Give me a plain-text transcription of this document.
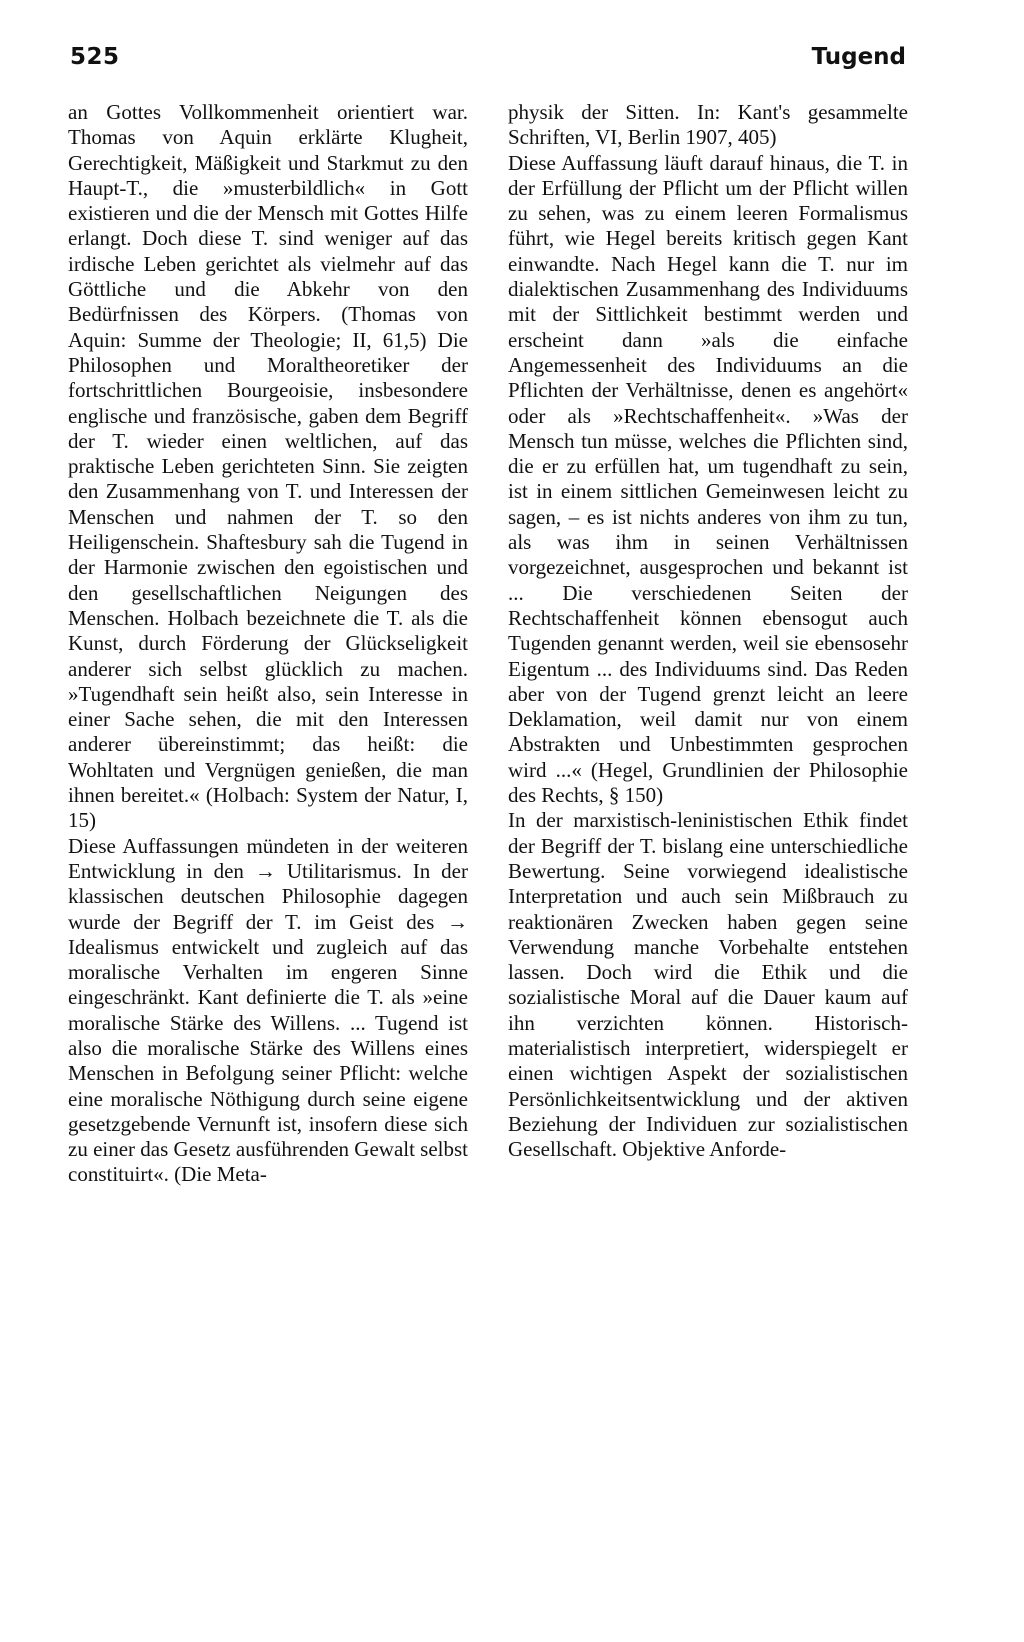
525	Tugend

an Gottes Vollkommenheit orientiert war. Thomas von Aquin erklärte Klugheit, Gerechtigkeit, Mäßigkeit und Starkmut zu den Haupt-T., die »musterbildlich« in Gott existieren und die der Mensch mit Gottes Hilfe erlangt. Doch diese T. sind weniger auf das irdische Leben gerichtet als vielmehr auf das Göttliche und die Abkehr von den Bedürfnissen des Körpers. (Thomas von Aquin: Summe der Theologie; II, 61,5) Die Philosophen und Moraltheoretiker der fortschrittlichen Bourgeoisie, insbesondere englische und französische, gaben dem Begriff der T. wieder einen weltlichen, auf das praktische Leben gerichteten Sinn. Sie zeigten den Zusammenhang von T. und Interessen der Menschen und nahmen der T. so den Heiligenschein. Shaftesbury sah die Tugend in der Harmonie zwischen den egoistischen und den gesellschaftlichen Neigungen des Menschen. Holbach bezeichnete die T. als die Kunst, durch Förderung der Glückseligkeit anderer sich selbst glücklich zu machen. »Tugendhaft sein heißt also, sein Interesse in einer Sache sehen, die mit den Interessen anderer übereinstimmt; das heißt: die Wohltaten und Vergnügen genießen, die man ihnen bereitet.« (Holbach: System der Natur, I, 15)

Diese Auffassungen mündeten in der weiteren Entwicklung in den → Utilitarismus. In der klassischen deutschen Philosophie dagegen wurde der Begriff der T. im Geist des → Idealismus entwickelt und zugleich auf das moralische Verhalten im engeren Sinne eingeschränkt. Kant definierte die T. als »eine moralische Stärke des Willens. ... Tugend ist also die moralische Stärke des Willens eines Menschen in Befolgung seiner Pflicht: welche eine moralische Nöthigung durch seine eigene gesetzgebende Vernunft ist, insofern diese sich zu einer das Gesetz ausführenden Gewalt selbst constituirt«. (Die Meta-

physik der Sitten. In: Kant's gesammelte Schriften, VI, Berlin 1907, 405)

Diese Auffassung läuft darauf hinaus, die T. in der Erfüllung der Pflicht um der Pflicht willen zu sehen, was zu einem leeren Formalismus führt, wie Hegel bereits kritisch gegen Kant einwandte. Nach Hegel kann die T. nur im dialektischen Zusammenhang des Individuums mit der Sittlichkeit bestimmt werden und erscheint dann »als die einfache Angemessenheit des Individuums an die Pflichten der Verhältnisse, denen es angehört« oder als »Rechtschaffenheit«. »Was der Mensch tun müsse, welches die Pflichten sind, die er zu erfüllen hat, um tugendhaft zu sein, ist in einem sittlichen Gemeinwesen leicht zu sagen, – es ist nichts anderes von ihm zu tun, als was ihm in seinen Verhältnissen vorgezeichnet, ausgesprochen und bekannt ist ... Die verschiedenen Seiten der Rechtschaffenheit können ebensogut auch Tugenden genannt werden, weil sie ebensosehr Eigentum ... des Individuums sind. Das Reden aber von der Tugend grenzt leicht an leere Deklamation, weil damit nur von einem Abstrakten und Unbestimmten gesprochen wird ...« (Hegel, Grundlinien der Philosophie des Rechts, § 150)

In der marxistisch-leninistischen Ethik findet der Begriff der T. bislang eine unterschiedliche Bewertung. Seine vorwiegend idealistische Interpretation und auch sein Mißbrauch zu reaktionären Zwecken haben gegen seine Verwendung manche Vorbehalte entstehen lassen. Doch wird die Ethik und die sozialistische Moral auf die Dauer kaum auf ihn verzichten können. Historisch-materialistisch interpretiert, widerspiegelt er einen wichtigen Aspekt der sozialistischen Persönlichkeitsentwicklung und der aktiven Beziehung der Individuen zur sozialistischen Gesellschaft. Objektive Anforde-
